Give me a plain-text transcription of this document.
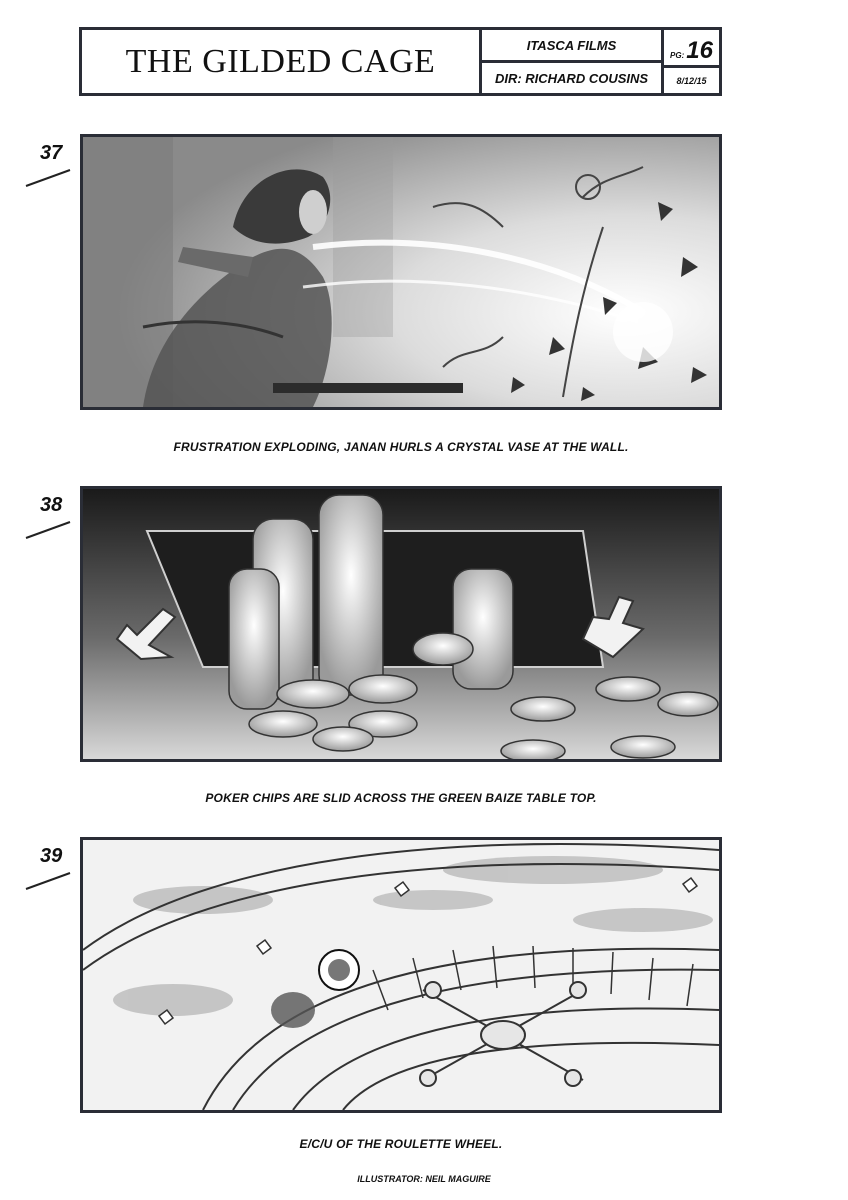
THE GILDED CAGE	ITASCA FILMS
DIR: RICHARD COUSINS
PG: 16
8/12/15
37
FRUSTRATION EXPLODING, JANAN HURLS A CRYSTAL VASE AT THE WALL.
38
POKER CHIPS ARE SLID ACROSS THE GREEN BAIZE TABLE TOP.
39
E/C/U OF THE ROULETTE WHEEL.
ILLUSTRATOR: NEIL MAGUIRE
